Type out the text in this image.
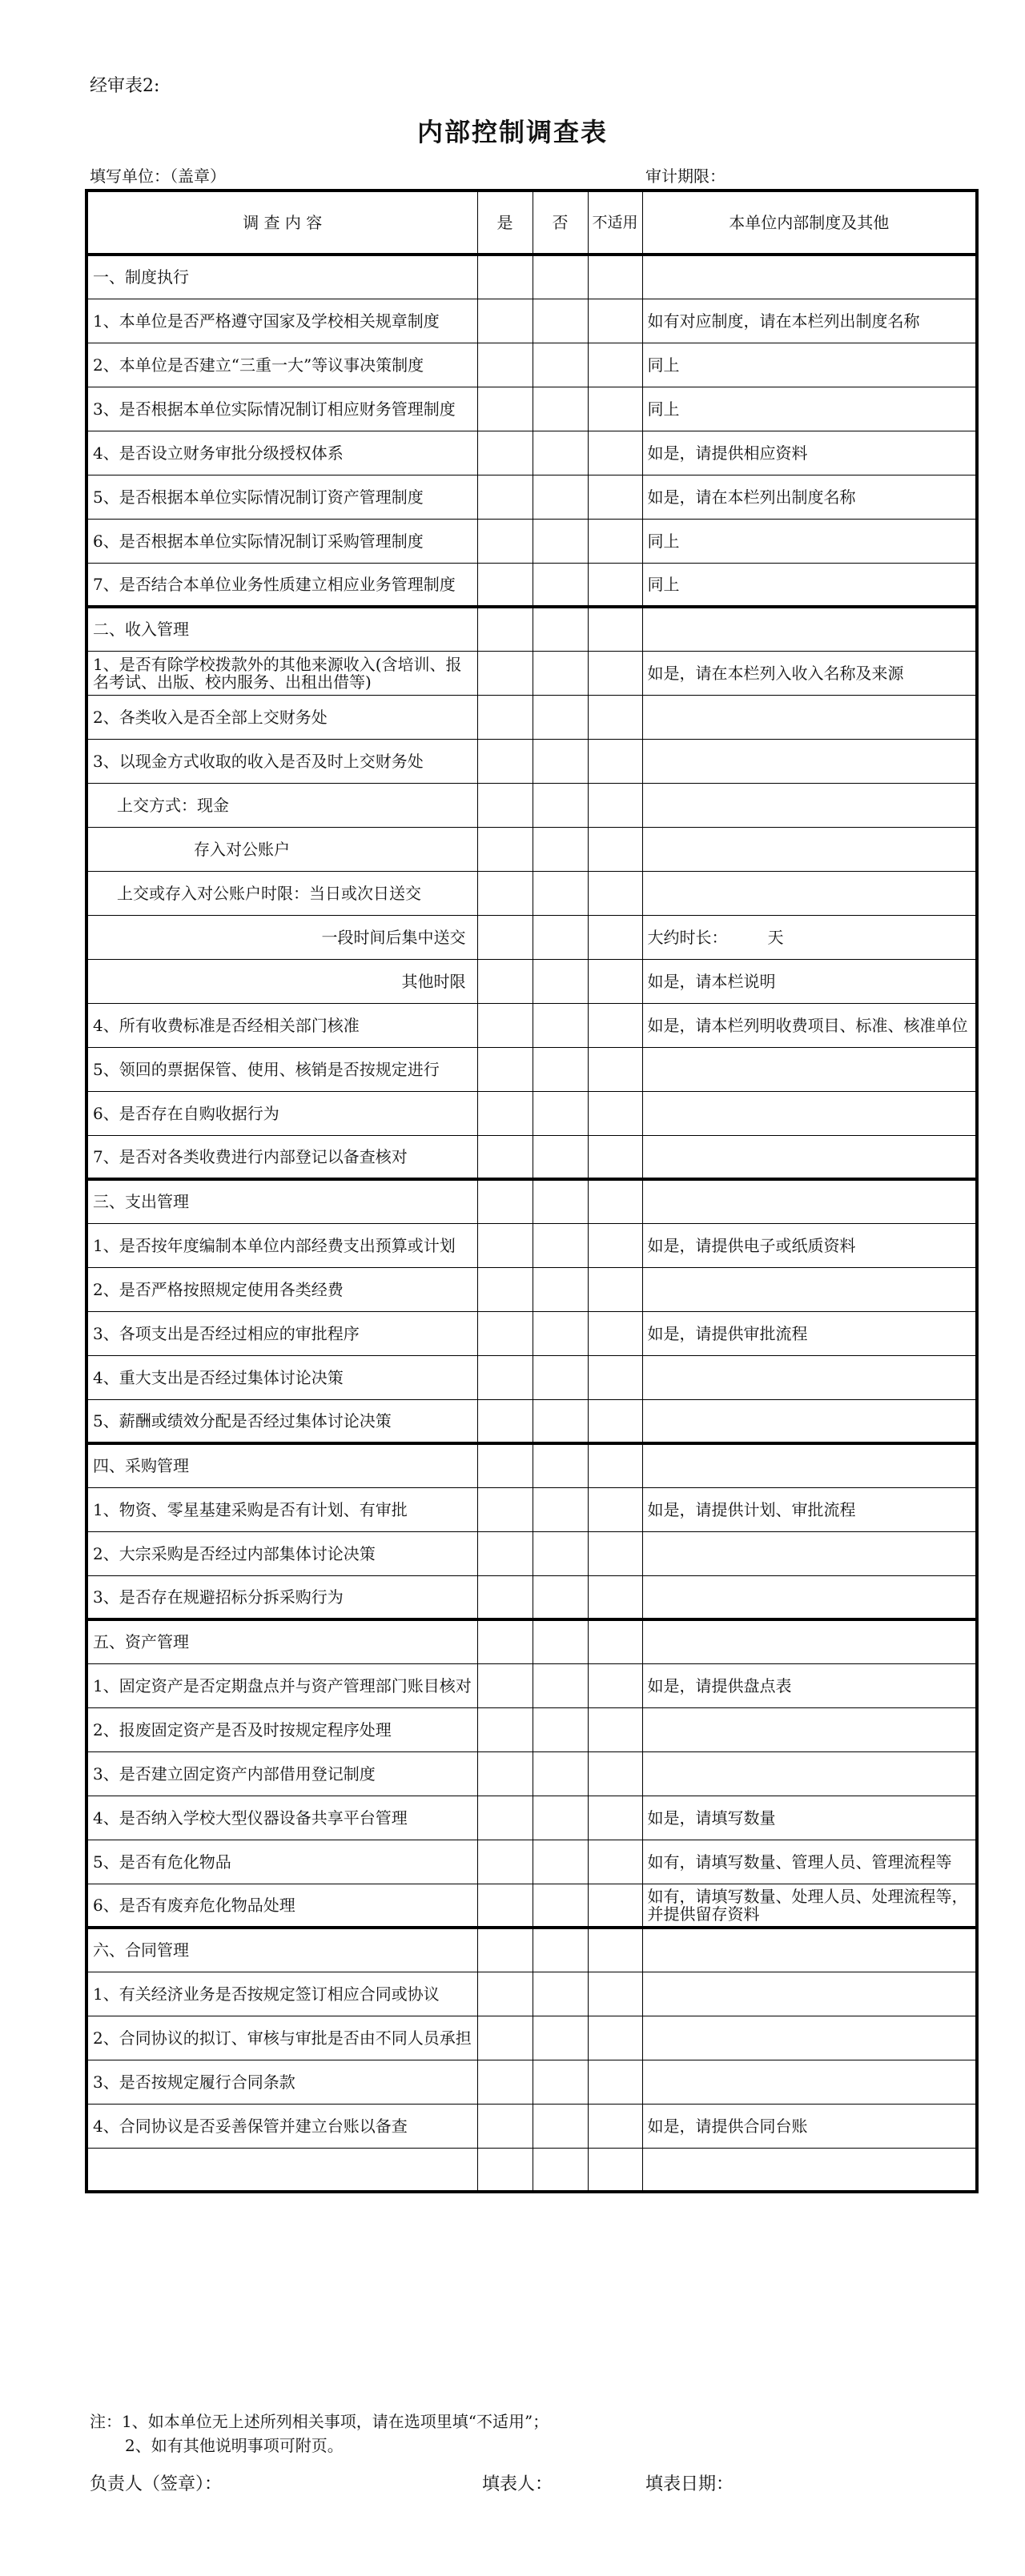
经审表2:
内部控制调查表
填写单位：（盖章）	审计期限：
调 查 内 容	是	否	不适用	本单位内部制度及其他
一、制度执行				
1、本单位是否严格遵守国家及学校相关规章制度				如有对应制度，请在本栏列出制度名称
2、本单位是否建立“三重一大”等议事决策制度				同上
3、是否根据本单位实际情况制订相应财务管理制度				同上
4、是否设立财务审批分级授权体系				如是，请提供相应资料
5、是否根据本单位实际情况制订资产管理制度				如是，请在本栏列出制度名称
6、是否根据本单位实际情况制订采购管理制度				同上
7、是否结合本单位业务性质建立相应业务管理制度				同上
二、收入管理				
1、是否有除学校拨款外的其他来源收入(含培训、报名考试、出版、校内服务、出租出借等)				如是，请在本栏列入收入名称及来源
2、各类收入是否全部上交财务处				
3、以现金方式收取的收入是否及时上交财务处				
上交方式：现金				
存入对公账户				
上交或存入对公账户时限：当日或次日送交				
一段时间后集中送交				大约时长：　　　天
其他时限				如是，请本栏说明
4、所有收费标准是否经相关部门核准				如是，请本栏列明收费项目、标准、核准单位
5、领回的票据保管、使用、核销是否按规定进行				
6、是否存在自购收据行为				
7、是否对各类收费进行内部登记以备查核对				
三、支出管理				
1、是否按年度编制本单位内部经费支出预算或计划				如是，请提供电子或纸质资料
2、是否严格按照规定使用各类经费				
3、各项支出是否经过相应的审批程序				如是，请提供审批流程
4、重大支出是否经过集体讨论决策				
5、薪酬或绩效分配是否经过集体讨论决策				
四、采购管理				
1、物资、零星基建采购是否有计划、有审批				如是，请提供计划、审批流程
2、大宗采购是否经过内部集体讨论决策				
3、是否存在规避招标分拆采购行为				
五、资产管理				
1、固定资产是否定期盘点并与资产管理部门账目核对				如是，请提供盘点表
2、报废固定资产是否及时按规定程序处理				
3、是否建立固定资产内部借用登记制度				
4、是否纳入学校大型仪器设备共享平台管理				如是，请填写数量
5、是否有危化物品				如有，请填写数量、管理人员、管理流程等
6、是否有废弃危化物品处理				如有，请填写数量、处理人员、处理流程等，并提供留存资料
六、合同管理				
1、有关经济业务是否按规定签订相应合同或协议				
2、合同协议的拟订、审核与审批是否由不同人员承担				
3、是否按规定履行合同条款				
4、合同协议是否妥善保管并建立台账以备查				如是，请提供合同台账

注：1、如本单位无上述所列相关事项，请在选项里填“不适用”；
2、如有其他说明事项可附页。
负责人（签章）：	填表人：	填表日期：
